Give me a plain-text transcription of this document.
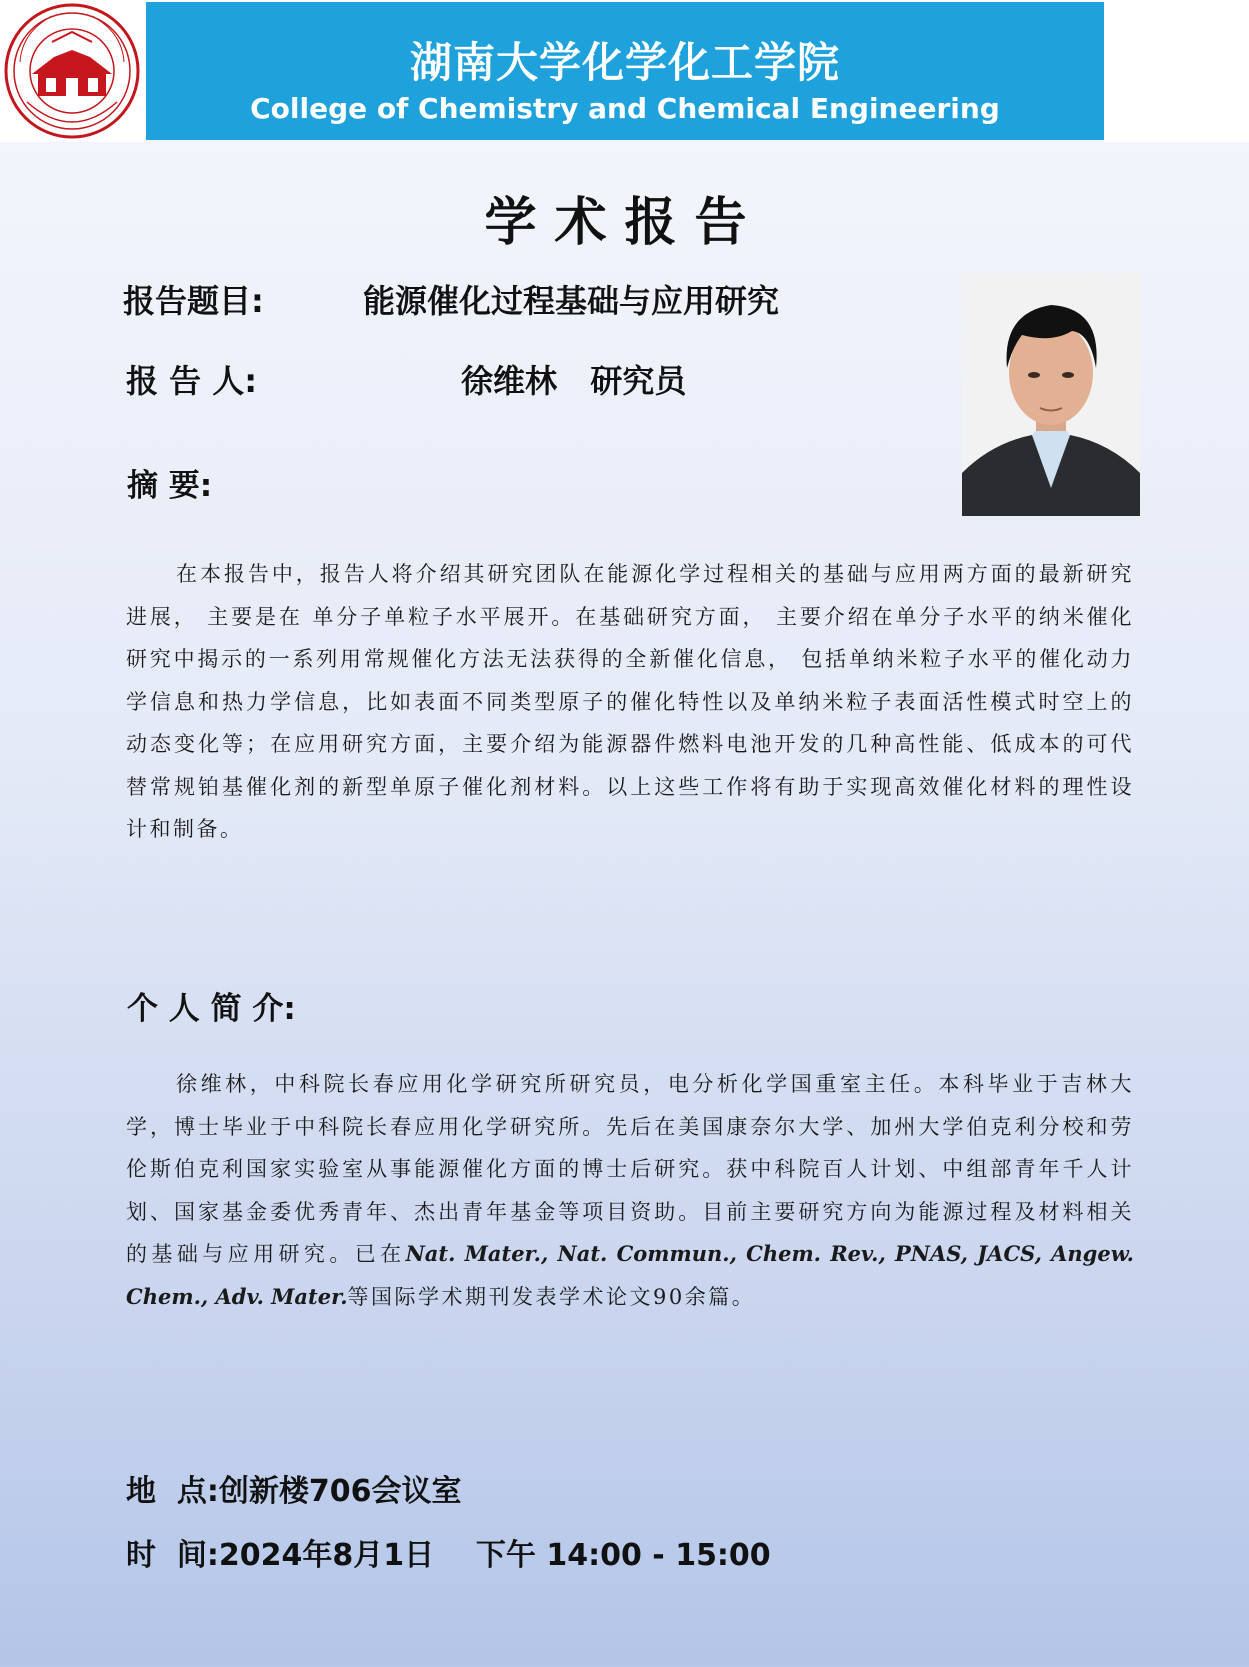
湖南大学化学化工学院
College of Chemistry and Chemical Engineering
学术报告
报告题目:	能源催化过程基础与应用研究
报 告 人:	徐维林   研究员
摘 要:
在本报告中，报告人将介绍其研究团队在能源化学过程相关的基础与应用两方面的最新研究进展， 主要是在 单分子单粒子水平展开。在基础研究方面， 主要介绍在单分子水平的纳米催化研究中揭示的一系列用常规催化方法无法获得的全新催化信息， 包括单纳米粒子水平的催化动力学信息和热力学信息，比如表面不同类型原子的催化特性以及单纳米粒子表面活性模式时空上的动态变化等；在应用研究方面，主要介绍为能源器件燃料电池开发的几种高性能、低成本的可代替常规铂基催化剂的新型单原子催化剂材料。以上这些工作将有助于实现高效催化材料的理性设计和制备。
个 人 简 介:
徐维林，中科院长春应用化学研究所研究员，电分析化学国重室主任。本科毕业于吉林大学，博士毕业于中科院长春应用化学研究所。先后在美国康奈尔大学、加州大学伯克利分校和劳伦斯伯克利国家实验室从事能源催化方面的博士后研究。获中科院百人计划、中组部青年千人计划、国家基金委优秀青年、杰出青年基金等项目资助。目前主要研究方向为能源过程及材料相关的基础与应用研究。已在Nat. Mater., Nat. Commun., Chem. Rev., PNAS, JACS, Angew. Chem., Adv. Mater.等国际学术期刊发表学术论文90余篇。
地  点:创新楼706会议室
时  间:2024年8月1日    下午 14:00 - 15:00
